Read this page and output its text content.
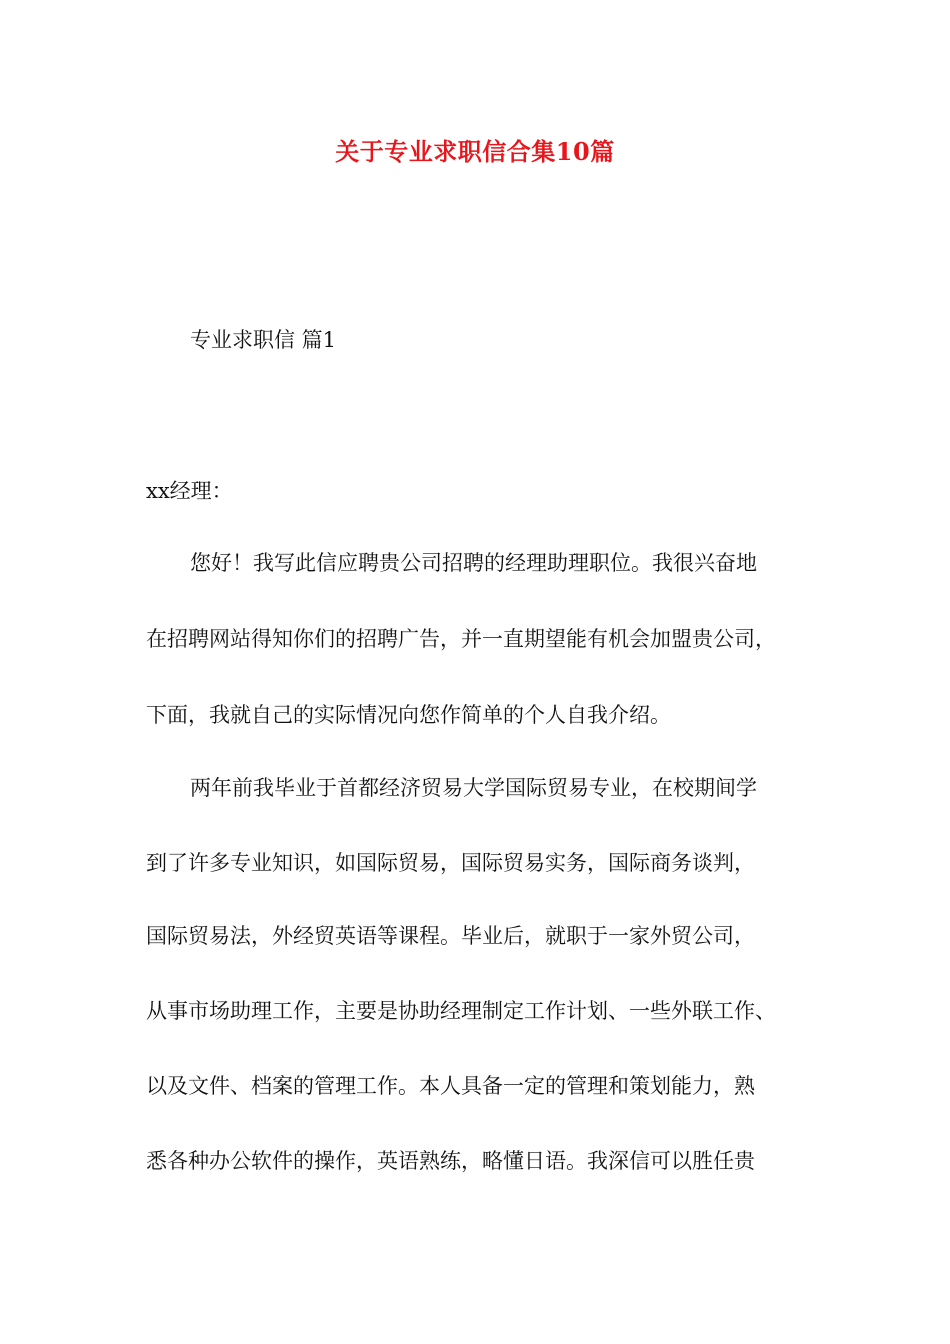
关于专业求职信合集10篇
专业求职信 篇1
xx经理：
您好！我写此信应聘贵公司招聘的经理助理职位。我很兴奋地
在招聘网站得知你们的招聘广告，并一直期望能有机会加盟贵公司，
下面，我就自己的实际情况向您作简单的个人自我介绍。
两年前我毕业于首都经济贸易大学国际贸易专业，在校期间学
到了许多专业知识，如国际贸易，国际贸易实务，国际商务谈判，
国际贸易法，外经贸英语等课程。毕业后，就职于一家外贸公司，
从事市场助理工作，主要是协助经理制定工作计划、一些外联工作、
以及文件、档案的管理工作。本人具备一定的管理和策划能力，熟
悉各种办公软件的操作，英语熟练，略懂日语。我深信可以胜任贵
